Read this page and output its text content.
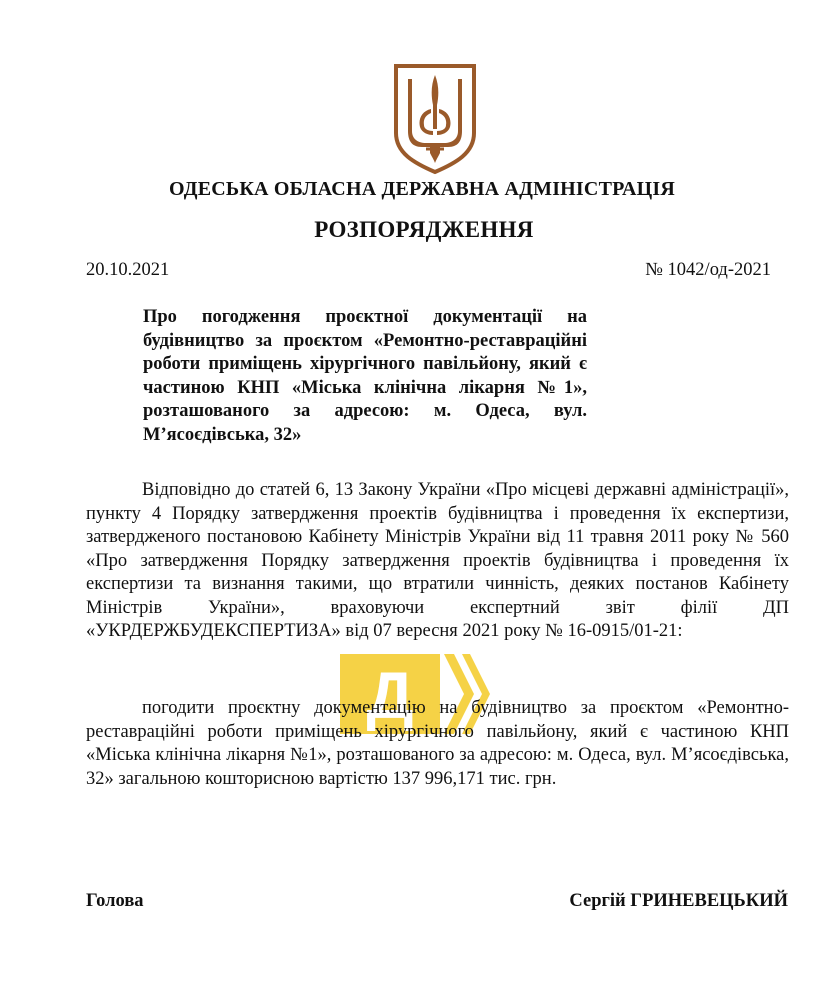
ОДЕСЬКА ОБЛАСНА ДЕРЖАВНА АДМІНІСТРАЦІЯ
РОЗПОРЯДЖЕННЯ
20.10.2021	№ 1042/од-2021

Про погодження проєктної документації на будівництво за проєктом «Ремонтно-реставраційні роботи приміщень хірургічного павільйону, який є частиною КНП «Міська клінічна лікарня №1», розташованого за адресою: м. Одеса, вул. М’ясоєдівська, 32»

Відповідно до статей 6, 13 Закону України «Про місцеві державні адміністрації», пункту 4 Порядку затвердження проектів будівництва і проведення їх експертизи, затвердженого постановою Кабінету Міністрів України від 11 травня 2011 року № 560 «Про затвердження Порядку затвердження проектів будівництва і проведення їх експертизи та визнання такими, що втратили чинність, деяких постанов Кабінету Міністрів України», враховуючи експертний звіт філії ДП «УКРДЕРЖБУДЕКСПЕРТИЗА» від 07 вересня 2021 року № 16-0915/01-21:

Д

погодити проєктну документацію на будівництво за проєктом «Ремонтно-реставраційні роботи приміщень хірургічного павільйону, який є частиною КНП «Міська клінічна лікарня №1», розташованого за адресою: м. Одеса, вул. М’ясоєдівська, 32» загальною кошторисною вартістю 137 996,171 тис. грн.

Голова	Сергій ГРИНЕВЕЦЬКИЙ
